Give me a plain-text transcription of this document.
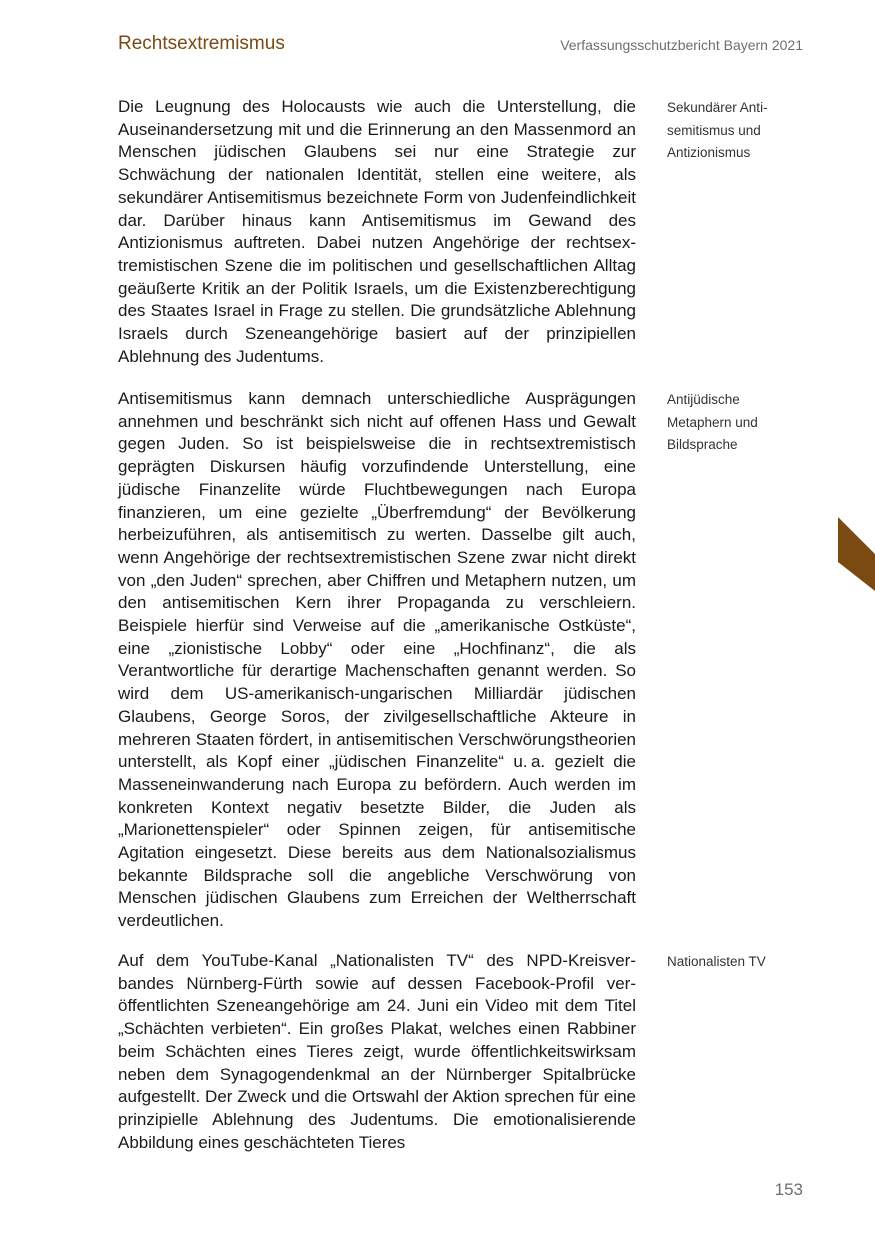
Rechtsextremismus	Verfassungsschutzbericht Bayern 2021

Die Leugnung des Holocausts wie auch die Unterstellung, die Auseinandersetzung mit und die Erinnerung an den Massenmord an Menschen jüdischen Glaubens sei nur eine Strategie zur Schwächung der nationalen Identität, stellen eine weitere, als sekundärer Antisemitismus bezeichnete Form von Judenfeindlichkeit dar. Darüber hinaus kann Antisemitismus im Gewand des Antizionismus auftreten. Dabei nutzen Angehörige der rechtsextremistischen Szene die im politischen und gesellschaftlichen Alltag geäußerte Kritik an der Politik Israels, um die Existenzberechtigung des Staates Israel in Frage zu stellen. Die grundsätzliche Ablehnung Israels durch Szeneangehörige basiert auf der prinzipiellen Ablehnung des Judentums.

Sekundärer Antisemitismus und Antizionismus

Antisemitismus kann demnach unterschiedliche Ausprägungen annehmen und beschränkt sich nicht auf offenen Hass und Gewalt gegen Juden. So ist beispielsweise die in rechtsextremistisch geprägten Diskursen häufig vorzufindende Unterstellung, eine jüdische Finanzelite würde Fluchtbewegungen nach Europa finanzieren, um eine gezielte „Überfremdung“ der Bevölkerung herbeizuführen, als antisemitisch zu werten. Dasselbe gilt auch, wenn Angehörige der rechtsextremistischen Szene zwar nicht direkt von „den Juden“ sprechen, aber Chiffren und Metaphern nutzen, um den antisemitischen Kern ihrer Propaganda zu verschleiern. Beispiele hierfür sind Verweise auf die „amerikanische Ostküste“, eine „zionistische Lobby“ oder eine „Hochfinanz“, die als Verantwortliche für derartige Machenschaften genannt werden. So wird dem US-amerikanisch-ungarischen Milliardär jüdischen Glaubens, George Soros, der zivilgesellschaftliche Akteure in mehreren Staaten fördert, in antisemitischen Verschwörungstheorien unterstellt, als Kopf einer „jüdischen Finanzelite“ u. a. gezielt die Masseneinwanderung nach Europa zu befördern. Auch werden im konkreten Kontext negativ besetzte Bilder, die Juden als „Marionettenspieler“ oder Spinnen zeigen, für antisemitische Agitation eingesetzt. Diese bereits aus dem Nationalsozialismus bekannte Bildsprache soll die angebliche Verschwörung von Menschen jüdischen Glaubens zum Erreichen der Weltherrschaft verdeutlichen.

Antijüdische Metaphern und Bildsprache

Auf dem YouTube-Kanal „Nationalisten TV“ des NPD-Kreisverbandes Nürnberg-Fürth sowie auf dessen Facebook-Profil veröffentlichten Szeneangehörige am 24. Juni ein Video mit dem Titel „Schächten verbieten“. Ein großes Plakat, welches einen Rabbiner beim Schächten eines Tieres zeigt, wurde öffentlichkeitswirksam neben dem Synagogendenkmal an der Nürnberger Spitalbrücke aufgestellt. Der Zweck und die Ortswahl der Aktion sprechen für eine prinzipielle Ablehnung des Judentums. Die emotionalisierende Abbildung eines geschächteten Tieres

Nationalisten TV
153
